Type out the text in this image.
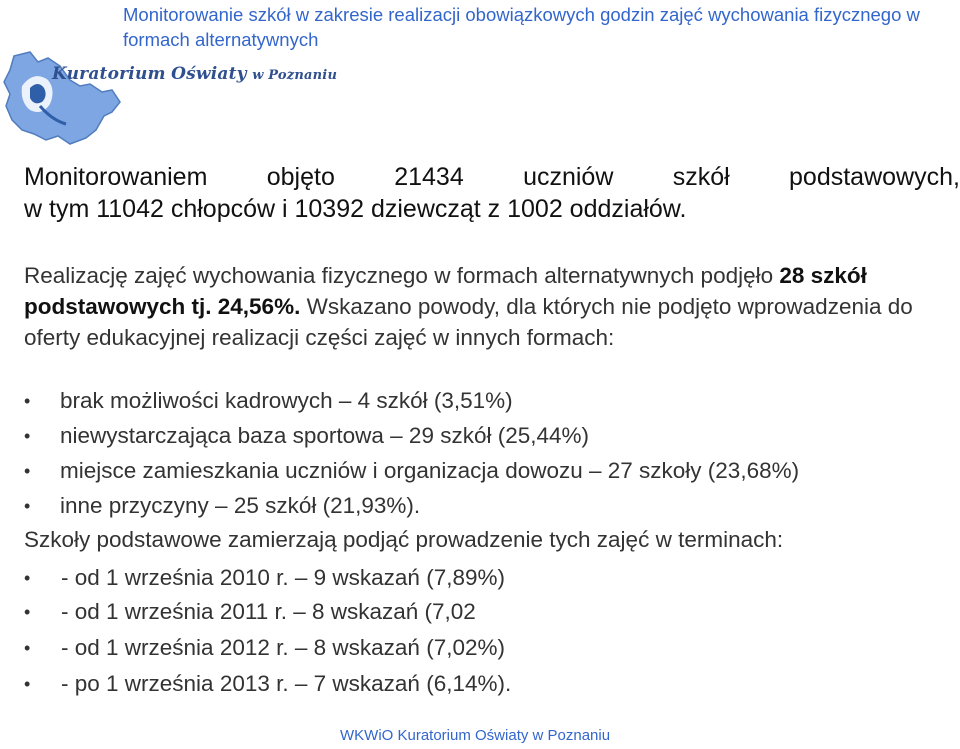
Monitorowanie szkół w zakresie realizacji obowiązkowych godzin zajęć wychowania fizycznego w formach alternatywnych
Kuratorium Oświaty w Poznaniu
Monitorowaniem objęto 21434 uczniów szkół podstawowych,
w tym 11042 chłopców i 10392 dziewcząt z 1002 oddziałów.
Realizację zajęć wychowania fizycznego w formach alternatywnych podjęło 28 szkół podstawowych tj. 24,56%. Wskazano powody, dla których nie podjęto wprowadzenia do oferty edukacyjnej realizacji części zajęć w innych formach:
• brak możliwości kadrowych – 4 szkół (3,51%)
• niewystarczająca baza sportowa – 29 szkół (25,44%)
• miejsce zamieszkania uczniów i organizacja dowozu – 27 szkoły (23,68%)
• inne przyczyny – 25 szkół (21,93%).
Szkoły podstawowe zamierzają podjąć prowadzenie tych zajęć w terminach:
• - od 1 września 2010 r. – 9 wskazań (7,89%)
• - od 1 września 2011 r. – 8 wskazań (7,02
• - od 1 września 2012 r. – 8 wskazań (7,02%)
• - po 1 września 2013 r. – 7 wskazań (6,14%).
WKWiO Kuratorium Oświaty w Poznaniu
